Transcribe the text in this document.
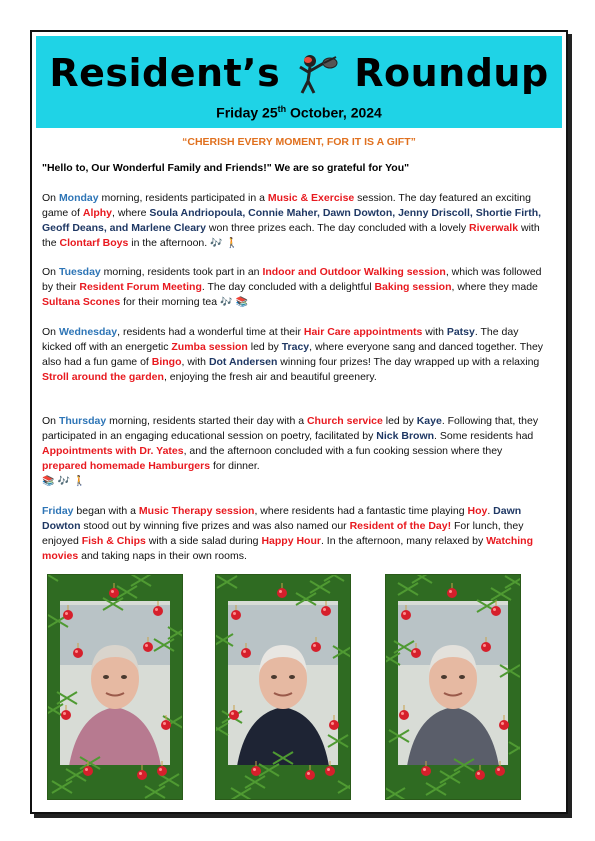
Resident’s Roundup
Friday 25th October, 2024
“CHERISH EVERY MOMENT, FOR IT IS A GIFT”
"Hello to, Our Wonderful Family and Friends!" We are so grateful for You"
On Monday morning, residents participated in a Music & Exercise session. The day featured an exciting game of Alphy, where Soula Andriopoula, Connie Maher, Dawn Dowton, Jenny Driscoll, Shortie Firth, Geoff Deans, and Marlene Cleary won three prizes each. The day concluded with a lovely Riverwalk with the Clontarf Boys in the afternoon. 🎶 🚶
On Tuesday morning, residents took part in an Indoor and Outdoor Walking session, which was followed by their Resident Forum Meeting. The day concluded with a delightful Baking session, where they made Sultana Scones for their morning tea 🎶 📚
On Wednesday, residents had a wonderful time at their Hair Care appointments with Patsy. The day kicked off with an energetic Zumba session led by Tracy, where everyone sang and danced together. They also had a fun game of Bingo, with Dot Andersen winning four prizes! The day wrapped up with a relaxing Stroll around the garden, enjoying the fresh air and beautiful greenery.
On Thursday morning, residents started their day with a Church service led by Kaye. Following that, they participated in an engaging educational session on poetry, facilitated by Nick Brown. Some residents had Appointments with Dr. Yates, and the afternoon concluded with a fun cooking session where they prepared homemade Hamburgers for dinner.
📚 🎶 🚶
Friday began with a Music Therapy session, where residents had a fantastic time playing Hoy. Dawn Dowton stood out by winning five prizes and was also named our Resident of the Day! For lunch, they enjoyed Fish & Chips with a side salad during Happy Hour. In the afternoon, many relaxed by Watching movies and taking naps in their own rooms.
